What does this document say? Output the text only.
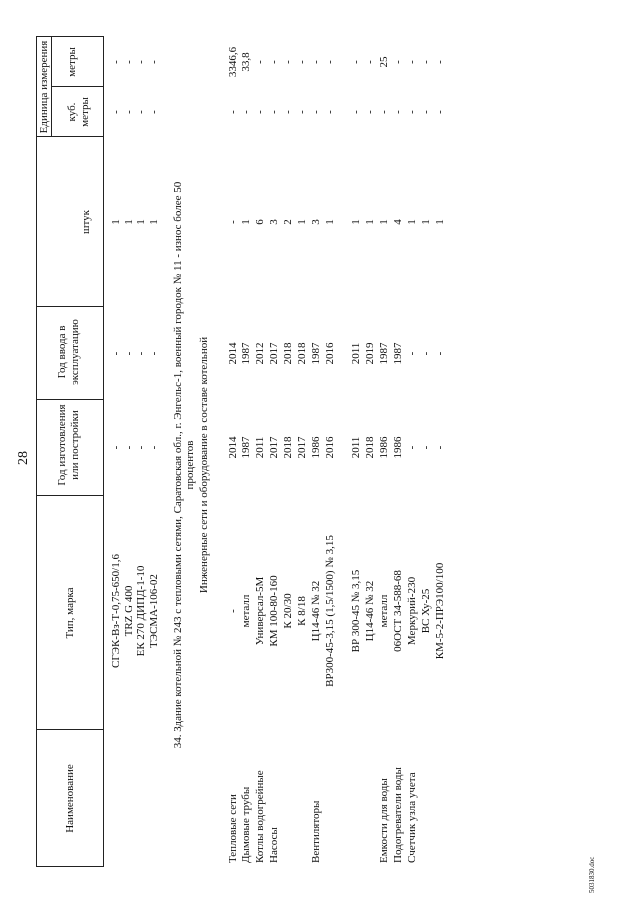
28
Наименование
Тип, марка
Год изготовления или постройки
Год ввода в эксплуатацию
Единица измерения
штук
куб. метры
метры
СГЭК-Вз-Т-0,75-650/1,6
-
-
1
-
-
TRZ G 400
-
-
1
-
-
ЕК 270 ДИПД-1-10
-
-
1
-
-
ТЭСМА-106-02
-
-
1
-
-
34. Здание котельной № 243 с тепловыми сетями, Саратовская обл., г. Энгельс-1, военный городок № 11 - износ более 50 процентов Инженерные сети и оборудование в составе котельной
Тепловые сети
-
2014
2014
-
-
3346,6
Дымовые трубы
металл
1987
1987
1
-
33,8
Котлы водогрейные
Универсал-5М
2011
2012
6
-
-
Насосы
КМ 100-80-160
2017
2017
3
-
-
К 20/30
2018
2018
2
-
-
К 8/18
2017
2018
1
-
-
Вентиляторы
Ц14-46 № 32
1986
1987
3
-
-
ВР300-45-3,15 (1,5/1500) № 3,15
2016
2016
1
-
-
ВР 300-45 № 3,15
2011
2011
1
-
-
Ц14-46 № 32
2018
2019
1
-
-
Емкости для воды
металл
1986
1987
1
-
25
Подогреватели воды
06ОСТ 34-588-68
1986
1987
4
-
-
Счетчик узла учета
Меркурий-230
-
-
1
-
-
ВС Ху-25
-
-
1
-
-
КМ-5-2-ПРЭ100/100
-
-
1
-
-
5031830.doc
